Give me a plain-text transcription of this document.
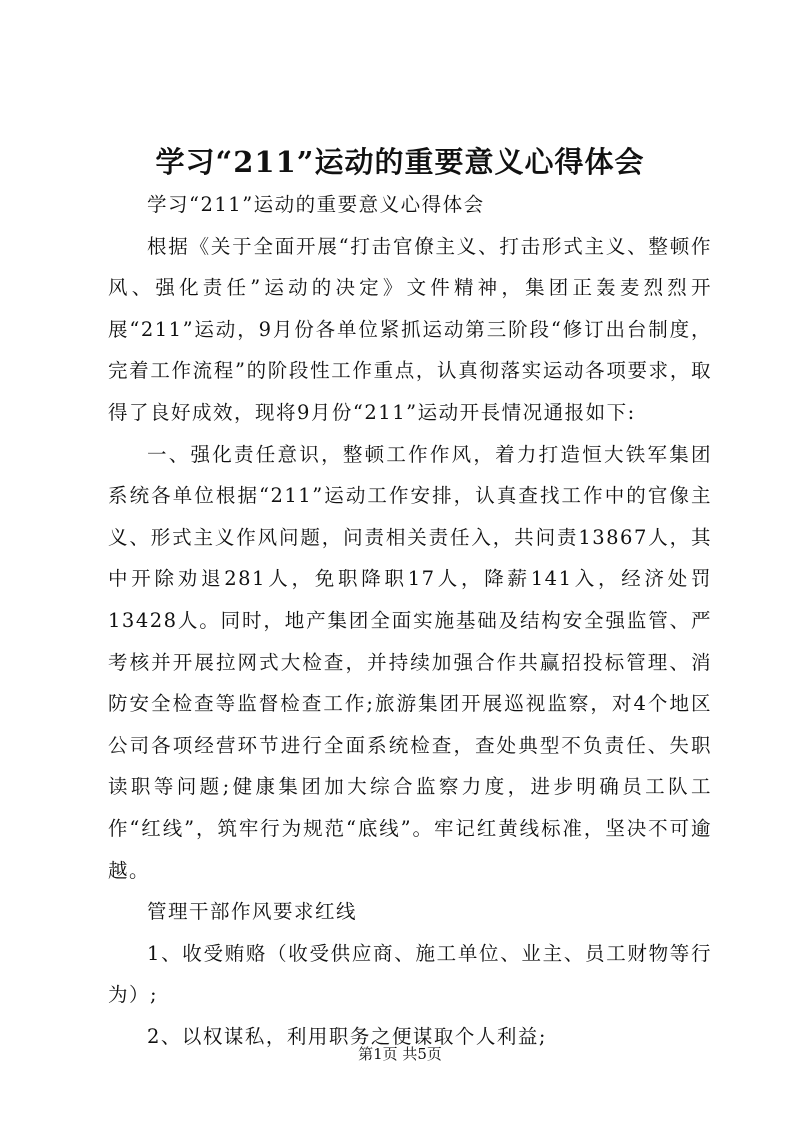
学习“211”运动的重要意义心得体会

学习“211”运动的重要意义心得体会

根据《关于全面开展“打击官僚主义、打击形式主义、整顿作风、强化责任”运动的决定》文件精神，集团正轰麦烈烈开展“211”运动，9月份各单位紧抓运动第三阶段“修订出台制度，完着工作流程”的阶段性工作重点，认真彻落实运动各项要求，取得了良好成效，现将9月份“211”运动开長情况通报如下:

一、强化责任意识，整顿工作作风，着力打造恒大铁军集团系统各单位根据“211”运动工作安排，认真查找工作中的官像主义、形式主义作风问题，问责相关责任入，共问责13867人，其中开除劝退281人，免职降职17人，降薪141入，经济处罚13428人。同时，地产集团全面实施基础及结构安全强监管、严考核并开展拉网式大检查，并持续加强合作共赢招投标管理、消防安全检查等监督检查工作;旅游集团开展巡视监察，对4个地区公司各项经营环节进行全面系统检查，查处典型不负责任、失职读职等问题;健康集团加大综合监察力度，进步明确员工队工作“红线”，筑牢行为规范“底线”。牢记红黄线标准，坚决不可逾越。

管理干部作风要求红线

1、收受贿赂（收受供应商、施工单位、业主、员工财物等行为）;

2、以权谋私，利用职务之便谋取个人利益;

第1页 共5页
